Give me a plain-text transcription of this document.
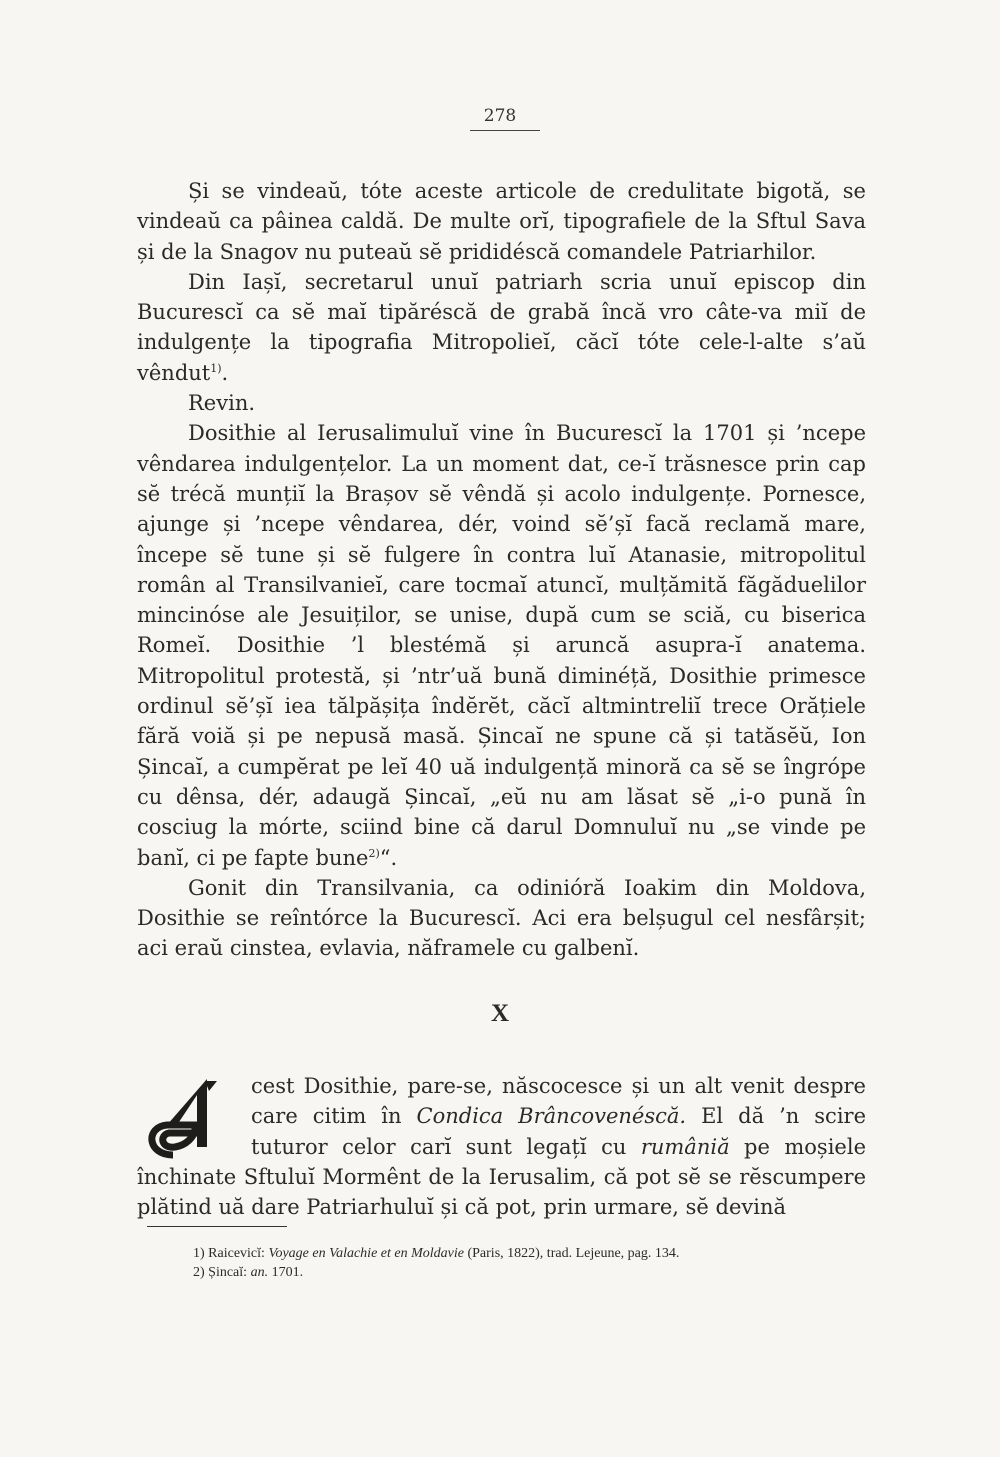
278

Și se vindeaŭ, tóte aceste articole de credulitate bigotă, se vindeaŭ ca pâinea caldă. De multe orĭ, tipografiele de la Sftul Sava și de la Snagov nu puteaŭ sĕ prididéscă comandele Patriarhilor.

Din Iașĭ, secretarul unuĭ patriarh scria unuĭ episcop din Bucurescĭ ca sĕ maĭ tipăréscă de grabă încă vro câte-va miĭ de indulgențe la tipografia Mitropolieĭ, căcĭ tóte cele-l-alte s’aŭ vêndut$^{1)}$.

Revin.

Dosithie al Ierusalimuluĭ vine în Bucurescĭ la 1701 și ’ncepe vêndarea indulgențelor. La un moment dat, ce-ĭ trăsnesce prin cap sĕ trécă munțiĭ la Brașov sĕ vêndă și acolo indulgențe. Pornesce, ajunge și ’ncepe vêndarea, dér, voind sĕ’șĭ facă reclamă mare, începe sĕ tune și sĕ fulgere în contra luĭ Atanasie, mitropolitul român al Transilvanieĭ, care tocmaĭ atuncĭ, mulțămită făgăduelilor mincinóse ale Jesuiților, se unise, după cum se sciă, cu biserica Romeĭ. Dosithie ’l blestémă și aruncă asupra-ĭ anatema. Mitropolitul protestă, și ’ntr’uă bună diminéță, Dosithie primesce ordinul sĕ’șĭ iea tălpășița îndĕrĕt, căcĭ altmintreliĭ trece Orățiele fără voiă și pe nepusă masă. Șincaĭ ne spune că și tatăsĕŭ, Ion Șincaĭ, a cumpĕrat pe leĭ 40 uă indulgență minoră ca sĕ se îngrópe cu dênsa, dér, adaugă Șincaĭ, „eŭ nu am lăsat sĕ „i-o pună în cosciug la mórte, sciind bine că darul Domnuluĭ nu „se vinde pe banĭ, ci pe fapte bune$^{2)}$“.

Gonit din Transilvania, ca odinióră Ioakim din Moldova, Dosithie se reîntórce la Bucurescĭ. Aci era belșugul cel nesfârșit; aci eraŭ cinstea, evlavia, năframele cu galbenĭ.

X
cest Dosithie, pare-se, născocesce și un alt venit despre care citim în Condica Brâncovenéscă. El dă ’n scire tuturor celor carĭ sunt legațĭ cu rumâniă pe moșiele închinate Sftuluĭ Mormênt de la Ierusalim, că pot sĕ se rĕscumpere plătind uă dare Patriarhuluĭ și că pot, prin urmare, sĕ devină
1) Raicevicĭ: Voyage en Valachie et en Moldavie (Paris, 1822), trad. Lejeune, pag. 134.
2) Șincaĭ: an. 1701.
